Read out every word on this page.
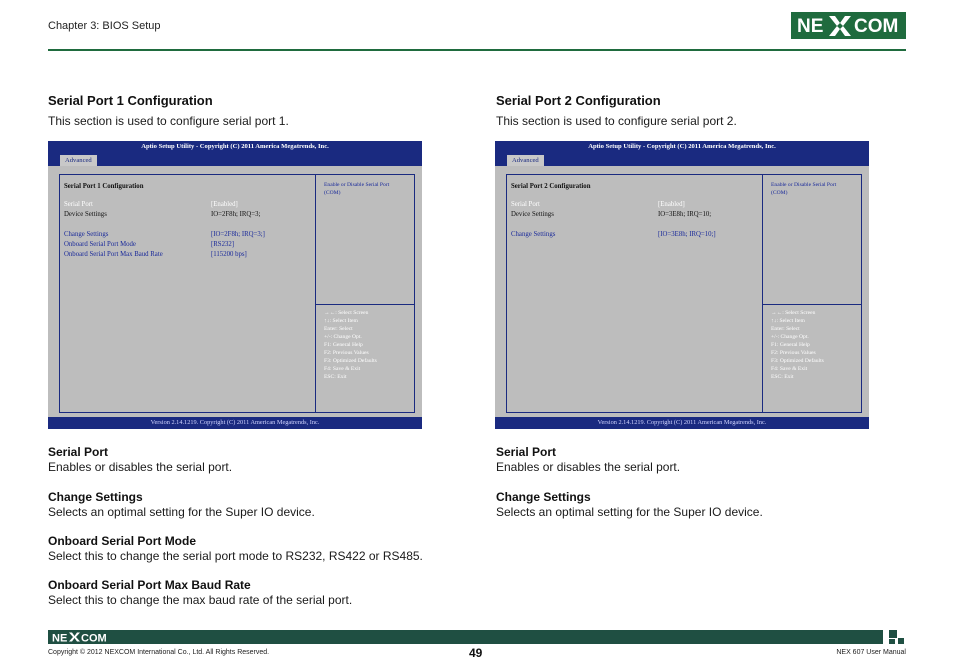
Chapter 3: BIOS Setup	NE COM
Serial Port 1 Configuration
This section is used to configure serial port 1.
Aptio Setup Utility - Copyright (C) 2011 America Megatrends, Inc.
Advanced
Serial Port 1 Configuration
Serial Port	[Enabled]
Device Settings	IO=2F8h; IRQ=3;
Change Settings	[IO=2F8h; IRQ=3;]
Onboard Serial Port Mode	[RS232]
Onboard Serial Port Max Baud Rate	[115200 bps]
Enable or Disable Serial Port
(COM)
→←: Select Screen
↑↓: Select Item
Enter: Select
+/-: Change Opt.
F1: General Help
F2: Previous Values
F3: Optimized Defaults
F4: Save & Exit
ESC: Exit
Version 2.14.1219. Copyright (C) 2011 American Megatrends, Inc.
Serial Port
Enables or disables the serial port.
Change Settings
Selects an optimal setting for the Super IO device.
Onboard Serial Port Mode
Select this to change the serial port mode to RS232, RS422 or RS485.
Onboard Serial Port Max Baud Rate
Select this to change the max baud rate of the serial port.
Serial Port 2 Configuration
This section is used to configure serial port 2.
Aptio Setup Utility - Copyright (C) 2011 America Megatrends, Inc.
Advanced
Serial Port 2 Configuration
Serial Port	[Enabled]
Device Settings	IO=3E8h; IRQ=10;
Change Settings	[IO=3E8h; IRQ=10;]
Enable or Disable Serial Port
(COM)
→←: Select Screen
↑↓: Select Item
Enter: Select
+/-: Change Opt.
F1: General Help
F2: Previous Values
F3: Optimized Defaults
F4: Save & Exit
ESC: Exit
Version 2.14.1219. Copyright (C) 2011 American Megatrends, Inc.
Serial Port
Enables or disables the serial port.
Change Settings
Selects an optimal setting for the Super IO device.
NE COM
Copyright © 2012 NEXCOM International Co., Ltd. All Rights Reserved.	49	NEX 607 User Manual
